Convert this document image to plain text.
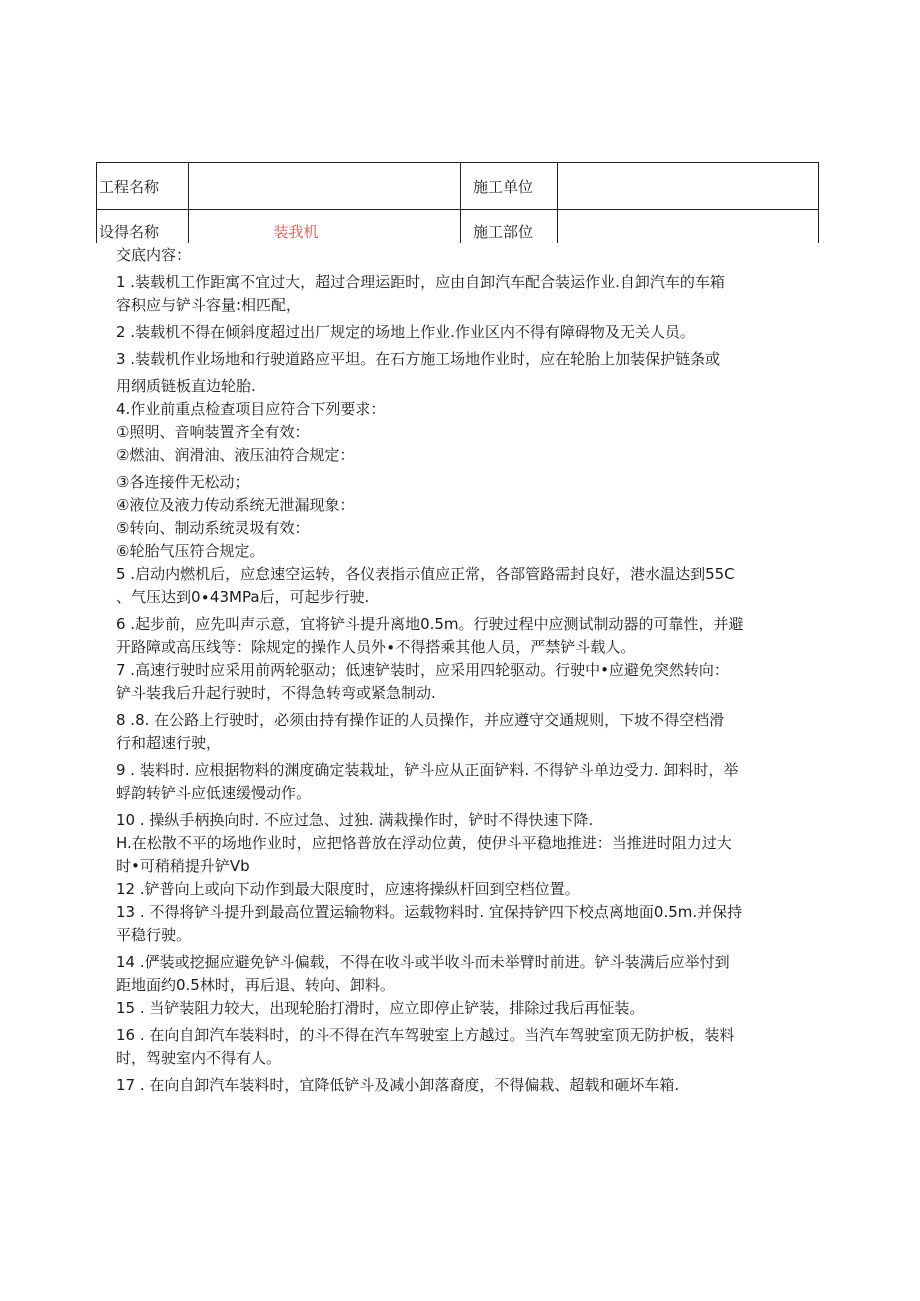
工程名称		施工单位	
设得名称	装我机	施工部位	

交底内容：

1 .装载机工作距寓不宜过大，超过合理运距时，应由自卸汽车配合装运作业.自卸汽车的车箱

容积应与铲斗容量:相匹配，

2 .装载机不得在倾斜度超过出厂规定的场地上作业.作业区内不得有障碍物及无关人员。

3 .装载机作业场地和行驶道路应平坦。在石方施工场地作业时，应在轮胎上加装保护链条或

用纲质链板直边轮胎.

4.作业前重点检查项目应符合下列要求：

①照明、音响装置齐全有效：

②燃油、润滑油、液压油符合规定：

③各连接件无松动；

④液位及液力传动系统无泄漏现象：

⑤转向、制动系统灵圾有效：

⑥轮胎气压符合规定。

5 .启动内燃机后，应怠速空运转，各仪表指示值应正常，各部管路需封良好，港水温达到55C

、气压达到0∙43MPa后，可起步行驶.

6 .起步前，应先叫声示意，宜将铲斗提升离地0.5m。行驶过程中应测试制动器的可靠性，并避

开路障或高压线等：除规定的操作人员外∙不得搭乘其他人员，严禁铲斗载人。

7 .高速行驶时应采用前两轮驱动；低速铲装时，应采用四轮驱动。行驶中•应避免突然转向：

铲斗装我后升起行驶时，不得急转弯或紧急制动.

8 .8. 在公路上行驶时，必须由持有操作证的人员操作，并应遵守交通规则，下坡不得空档滑

行和超速行驶，

9 . 装料时. 应根据物料的渊度确定装栽址，铲斗应从正面铲料. 不得铲斗单边受力. 卸料时，举

蜉韵转铲斗应低速缓慢动作。

10 . 操纵手柄换向时. 不应过急、过独. 满栽操作时，铲时不得快速下降.

H.在松散不平的场地作业时，应把恪普放在浮动位黄，使伊斗平稳地推进：当推进时阻力过大

时•可稍稍提升铲Vb

12 .铲普向上或向下动作到最大限度时，应速将操纵杆回到空档位置。

13 . 不得将铲斗提升到最高位置运输物料。运载物料时. 宜保持铲四下校点离地面0.5m.并保持

平稳行驶。

14 .俨装或挖掘应避免铲斗偏载，不得在收斗或半收斗而未举臂时前进。铲斗装满后应举忖到

距地面约0.5林时，再后退、转向、卸料。

15 . 当铲装阻力较大，出现轮胎打滑时，应立即停止铲装，排除过我后再怔装。

16 . 在向自卸汽车装料时，的斗不得在汽车驾驶室上方越过。当汽车驾驶室顶无防护板，装料

时，驾驶室内不得有人。

17 . 在向自卸汽车装料时，宜降低铲斗及减小卸落裔度，不得偏栽、超载和砸坏车箱.
